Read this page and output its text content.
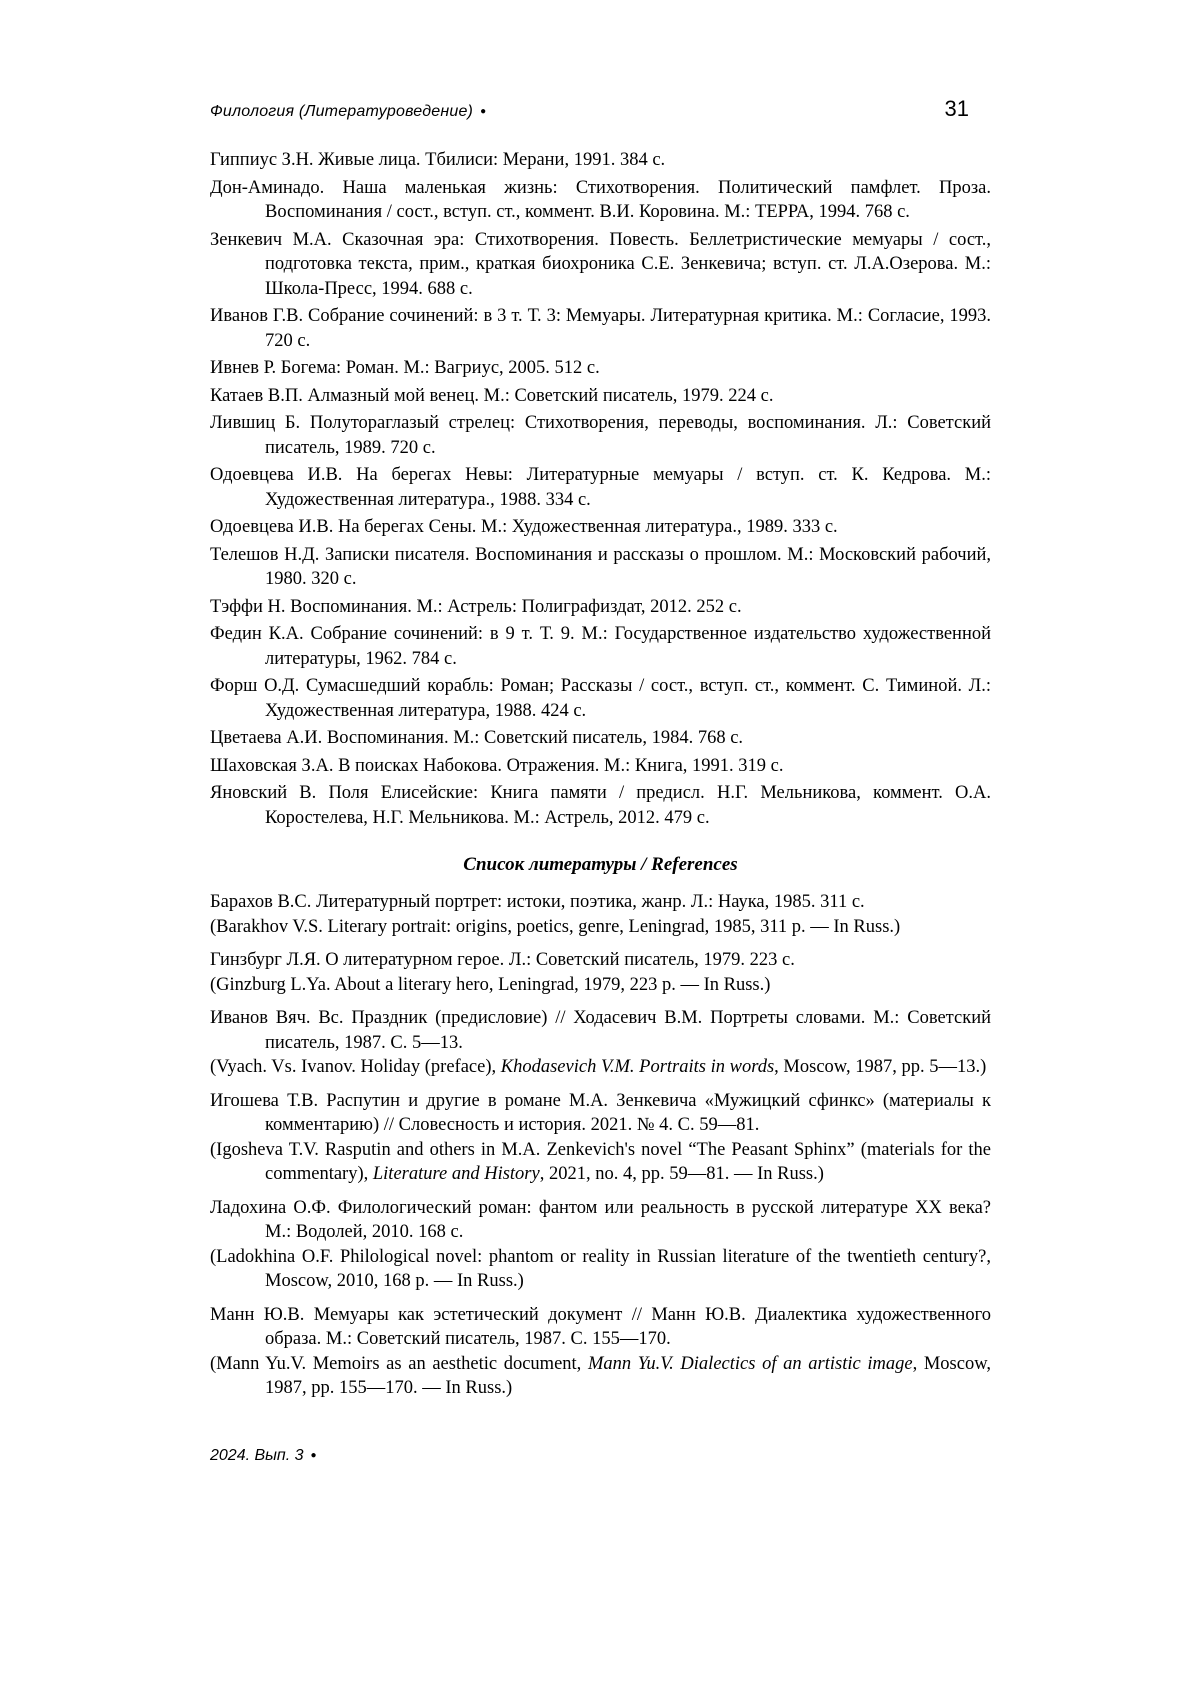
Филология (Литературоведение) ●	31

Гиппиус З.Н. Живые лица. Тбилиси: Мерани, 1991. 384 с.

Дон-Аминадо. Наша маленькая жизнь: Стихотворения. Политический памфлет. Проза. Воспоминания / сост., вступ. ст., коммент. В.И. Коровина. М.: ТЕРРА, 1994. 768 с.

Зенкевич М.А. Сказочная эра: Стихотворения. Повесть. Беллетристические мемуары / сост., подготовка текста, прим., краткая биохроника С.Е. Зенкевича; вступ. ст. Л.А.Озерова. М.: Школа-Пресс, 1994. 688 с.

Иванов Г.В. Собрание сочинений: в 3 т. Т. 3: Мемуары. Литературная критика. М.: Согласие, 1993. 720 с.

Ивнев Р. Богема: Роман. М.: Вагриус, 2005. 512 с.

Катаев В.П. Алмазный мой венец. М.: Советский писатель, 1979. 224 с.

Лившиц Б. Полутораглазый стрелец: Стихотворения, переводы, воспоминания. Л.: Советский писатель, 1989. 720 с.

Одоевцева И.В. На берегах Невы: Литературные мемуары / вступ. ст. К. Кедрова. М.: Художественная литература., 1988. 334 с.

Одоевцева И.В. На берегах Сены. М.: Художественная литература., 1989. 333 с.

Телешов Н.Д. Записки писателя. Воспоминания и рассказы о прошлом. М.: Московский рабочий, 1980. 320 с.

Тэффи Н. Воспоминания. М.: Астрель: Полиграфиздат, 2012. 252 с.

Федин К.А. Собрание сочинений: в 9 т. Т. 9. М.: Государственное издательство художественной литературы, 1962. 784 с.

Форш О.Д. Сумасшедший корабль: Роман; Рассказы / сост., вступ. ст., коммент. С. Тиминой. Л.: Художественная литература, 1988. 424 с.

Цветаева А.И. Воспоминания. М.: Советский писатель, 1984. 768 с.

Шаховская З.А. В поисках Набокова. Отражения. М.: Книга, 1991. 319 с.

Яновский В. Поля Елисейские: Книга памяти / предисл. Н.Г. Мельникова, коммент. О.А. Коростелева, Н.Г. Мельникова. М.: Астрель, 2012. 479 с.

Список литературы / References

Барахов В.С. Литературный портрет: истоки, поэтика, жанр. Л.: Наука, 1985. 311 с.

(Barakhov V.S. Literary portrait: origins, poetics, genre, Leningrad, 1985, 311 p. — In Russ.)

Гинзбург Л.Я. О литературном герое. Л.: Советский писатель, 1979. 223 с.

(Ginzburg L.Ya. About a literary hero, Leningrad, 1979, 223 p. — In Russ.)

Иванов Вяч. Вс. Праздник (предисловие) // Ходасевич В.М. Портреты словами. М.: Советский писатель, 1987. С. 5—13.

(Vyach. Vs. Ivanov. Holiday (preface), Khodasevich V.M. Portraits in words, Moscow, 1987, pp. 5—13.)

Игошева Т.В. Распутин и другие в романе М.А. Зенкевича «Мужицкий сфинкс» (материалы к комментарию) // Словесность и история. 2021. № 4. С. 59—81.

(Igosheva T.V. Rasputin and others in M.A. Zenkevich's novel “The Peasant Sphinx” (materials for the commentary), Literature and History, 2021, no. 4, pp. 59—81. — In Russ.)

Ладохина О.Ф. Филологический роман: фантом или реальность в русской литературе XX века? М.: Водолей, 2010. 168 с.

(Ladokhina O.F. Philological novel: phantom or reality in Russian literature of the twentieth century?, Moscow, 2010, 168 p. — In Russ.)

Манн Ю.В. Мемуары как эстетический документ // Манн Ю.В. Диалектика художественного образа. М.: Советский писатель, 1987. С. 155—170.

(Mann Yu.V. Memoirs as an aesthetic document, Mann Yu.V. Dialectics of an artistic image, Moscow, 1987, pp. 155—170. — In Russ.)

2024. Вып. 3 ●
